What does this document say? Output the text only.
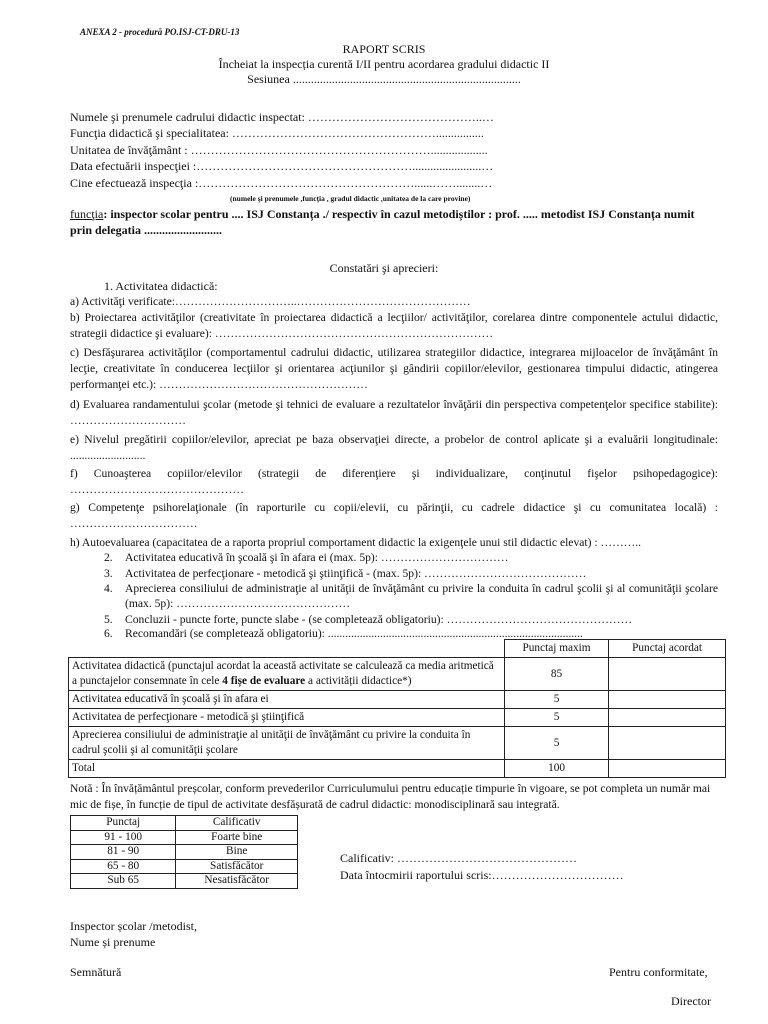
ANEXA 2 - procedură PO.ISJ-CT-DRU-13
RAPORT SCRIS
Încheiat la inspecția curentă I/II pentru acordarea gradului didactic II
Sesiunea ............................................................................
Numele şi prenumele cadrului didactic inspectat: ……………………………………..…
Funcţia didactică şi specialitatea: ……………………………………………................
Unitatea de învăţământ : ……………………………………………………...................
Data efectuării inspecţiei :……………………………………………….......................…
Cine efectuează inspecţia :………………………………………………......……........…
(numele şi prenumele ,funcţia , gradul didactic ,unitatea de la care provine)
funcţia: inspector scolar pentru .... ISJ Constanța ./ respectiv în cazul metodiștilor : prof. ..... metodist ISJ Constanța numit prin delegatia ..........................
Constatări şi aprecieri:
1. Activitatea didactică:
a) Activităţi verificate:…………………………..………………………………………
b) Proiectarea activităţilor (creativitate în proiectarea didactică a lecţiilor/ activităţilor, corelarea dintre componentele actului didactic, strategii didactice şi evaluare): ………………………………………………………………
c) Desfăşurarea activităţilor (comportamentul cadrului didactic, utilizarea strategiilor didactice, integrarea mijloacelor de învăţământ în lecţie, creativitate în conducerea lecţiilor şi orientarea acţiunilor şi gândirii copiilor/elevilor, gestionarea timpului didactic, atingerea performanţei etc.): ………………………………………………
d) Evaluarea randamentului şcolar (metode şi tehnici de evaluare a rezultatelor învăţării din perspectiva competenţelor specifice stabilite): …………………………
e) Nivelul pregătirii copiilor/elevilor, apreciat pe baza observaţiei directe, a probelor de control aplicate şi a evaluării longitudinale: ..........................
f) Cunoaşterea copiilor/elevilor (strategii de diferenţiere şi individualizare, conţinutul fişelor psihopedagogice): ………………………………………
g) Competenţe psihorelaţionale (în raporturile cu copii/elevii, cu părinţii, cu cadrele didactice şi cu comunitatea locală) : ……………………………
h) Autoevaluarea (capacitatea de a raporta propriul comportament didactic la exigenţele unui stil didactic elevat) : ………..
2.	Activitatea educativă în şcoală şi în afara ei (max. 5p): ……………………………
3.	Activitatea de perfecţionare - metodică şi ştiinţifică - (max. 5p): ……………………………………
4.	Aprecierea consiliului de administraţie al unităţii de învăţământ cu privire la conduita în cadrul şcolii şi al comunităţii şcolare (max. 5p): ………………………………………
5.	Concluzii - puncte forte, puncte slabe - (se completează obligatoriu): …………………………………………
6.	Recomandări (se completează obligatoriu): ........................................................................................
	Punctaj maxim	Punctaj acordat
Activitatea didactică (punctajul acordat la această activitate se calculează ca media aritmetică a punctajelor consemnate în cele 4 fișe de evaluare a activității didactice*)	85	
Activitatea educativă în şcoală şi în afara ei	5	
Activitatea de perfecţionare - metodică şi ştiinţifică	5	
Aprecierea consiliului de administraţie al unităţii de învăţământ cu privire la conduita în cadrul şcolii şi al comunităţii şcolare	5	
Total	100	
Notă : În învățământul preșcolar, conform prevederilor Curriculumului pentru educație timpurie în vigoare, se pot completa un număr mai mic de fișe, în funcție de tipul de activitate desfășurată de cadrul didactic: monodisciplinară sau integrată.
Punctaj	Calificativ
91 - 100	Foarte bine
81 - 90	Bine
65 - 80	Satisfăcător
Sub 65	Nesatisfăcător
Calificativ: ………………………………………
Data întocmirii raportului scris:……………………………
Inspector școlar /metodist,
Nume și prenume
Semnătură	Pentru conformitate,
Director
